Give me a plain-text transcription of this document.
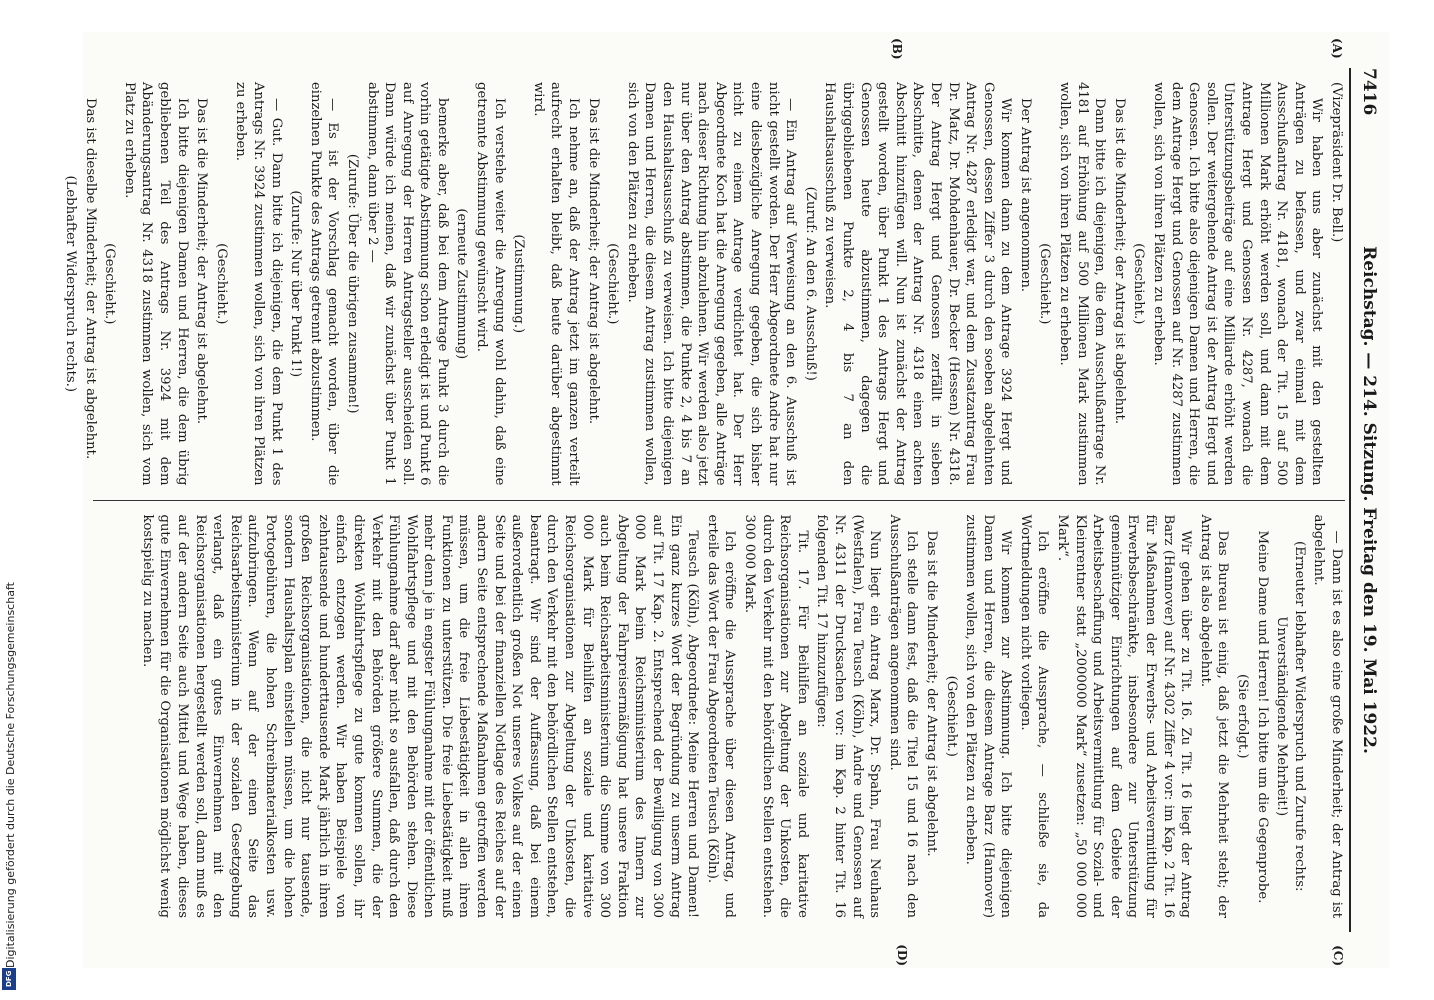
7416
Reichstag. — 214. Sitzung. Freitag den 19. Mai 1922.
(A)
(B)

(Vizepräsident Dr. Bell.)

Wir haben uns aber zunächst mit den gestellten Anträgen zu befassen, und zwar einmal mit dem Ausschußantrag Nr. 4181, wonach der Tit. 15 auf 500 Millionen Mark erhöht werden soll, und dann mit dem Antrage Hergt und Genossen Nr. 4287, wonach die Unterstützungsbeiträge auf eine Milliarde erhöht werden sollen. Der weitergehende Antrag ist der Antrag Hergt und Genossen. Ich bitte also diejenigen Damen und Herren, die dem Antrage Hergt und Genossen auf Nr. 4287 zustimmen wollen, sich von ihren Plätzen zu erheben.

(Geschieht.)

Das ist die Minderheit; der Antrag ist abgelehnt.

Dann bitte ich diejenigen, die dem Ausschußantrage Nr. 4181 auf Erhöhung auf 500 Millionen Mark zustimmen wollen, sich von ihren Plätzen zu erheben.

(Geschieht.)

Der Antrag ist angenommen.

Wir kommen dann zu dem Antrage 3924 Hergt und Genossen, dessen Ziffer 3 durch den soeben abgelehnten Antrag Nr. 4287 erledigt war, und dem Zusatzantrag Frau Dr. Matz, Dr. Mohdenhauer, Dr. Becker (Hessen) Nr. 4318. Der Antrag Hergt und Genossen zerfällt in sieben Abschnitte, denen der Antrag Nr. 4318 einen achten Abschnitt hinzufügen will. Nun ist zunächst der Antrag gestellt worden, über Punkt 1 des Antrags Hergt und Genossen heute abzustimmen, dagegen die übriggebliebenen Punkte 2, 4 bis 7 an den Haushaltsausschuß zu verweisen.

(Zuruf: An den 6. Ausschuß!)

— Ein Antrag auf Verweisung an den 6. Ausschuß ist nicht gestellt worden. Der Herr Abgeordnete Andre hat nur eine diesbezügliche Anregung gegeben, die sich bisher nicht zu einem Antrage verdichtet hat. Der Herr Abgeordnete Koch hat die Anregung gegeben, alle Anträge nach dieser Richtung hin abzulehnen. Wir werden also jetzt nur über den Antrag abstimmen, die Punkte 2, 4 bis 7 an den Haushaltsausschuß zu verweisen. Ich bitte diejenigen Damen und Herren, die diesem Antrag zustimmen wollen, sich von den Plätzen zu erheben.

(Geschieht.)

Das ist die Minderheit; der Antrag ist abgelehnt.

Ich nehme an, daß der Antrag jetzt im ganzen verteilt aufrecht erhalten bleibt, daß heute darüber abgestimmt wird.

(Zustimmung.)

Ich verstehe weiter die Anregung wohl dahin, daß eine getrennte Abstimmung gewünscht wird.

(erneute Zustimmung)

bemerke aber, daß bei dem Antrage Punkt 3 durch die vorhin getätigte Abstimmung schon erledigt ist und Punkt 6 auf Anregung der Herren Antragsteller ausscheiden soll. Dann würde ich meinen, daß wir zunächst über Punkt 1 abstimmen, dann über 2 —

(Zurufe: Über die übrigen zusammen!)

— Es ist der Vorschlag gemacht worden, über die einzelnen Punkte des Antrags getrennt abzustimmen.

(Zurufe: Nur über Punkt 1!)

— Gut. Dann bitte ich diejenigen, die dem Punkt 1 des Antrags Nr. 3924 zustimmen wollen, sich von ihren Plätzen zu erheben.

(Geschieht.)

Das ist die Minderheit; der Antrag ist abgelehnt.

Ich bitte diejenigen Damen und Herren, die dem übrig gebliebenen Teil des Antrags Nr. 3924 mit dem Abänderungsantrag Nr. 4318 zustimmen wollen, sich vom Platz zu erheben.

(Geschieht.)

Das ist dieselbe Minderheit; der Antrag ist abgelehnt.

(Lebhafter Widerspruch rechts.)

— Dann ist es also eine große Minderheit; der Antrag ist abgelehnt.

(Erneuter lebhafter Widerspruch und Zurufe rechts: Unverständigende Mehrheit!)

Meine Dame und Herren! Ich bitte um die Gegenprobe.

(Sie erfolgt.)

Das Bureau ist einig, daß jetzt die Mehrheit steht; der Antrag ist also abgelehnt.

Wir gehen über zu Tit. 16. Zu Tit. 16 liegt der Antrag Barz (Hannover) auf Nr. 4302 Ziffer 4 vor: im Kap. 2 Tit. 16 für Maßnahmen der Erwerbs- und Arbeitsvermittlung für Erwerbsbeschränkte, insbesondere zur Unterstützung gemeinnütziger Einrichtungen auf dem Gebiete der Arbeitsbeschaffung und Arbeitsvermittlung für Sozial- und Kleinrentner statt „2000000 Mark“ zusetzen: „50 000 000 Mark“.

Ich eröffne die Aussprache, — schließe sie, da Wortmeldungen nicht vorliegen.

Wir kommen zur Abstimmung. Ich bitte diejenigen Damen und Herren, die diesem Antrage Barz (Hannover) zustimmen wollen, sich von den Plätzen zu erheben.

(Geschieht.)

Das ist die Minderheit; der Antrag ist abgelehnt.

Ich stelle dann fest, daß die Titel 15 und 16 nach den Ausschußanträgen angenommen sind.

Nun liegt ein Antrag Marx, Dr. Spahn, Frau Neuhaus (Westfalen), Frau Teusch (Köln), Andre und Genossen auf Nr. 4311 der Drucksachen vor: im Kap. 2 hinter Tit. 16 folgenden Tit. 17 hinzuzufügen:

Tit. 17. Für Beihilfen an soziale und karitative Reichsorganisationen zur Abgeltung der Unkosten, die durch den Verkehr mit den behördlichen Stellen entstehen. 300 000 Mark.

Ich eröffne die Aussprache über diesen Antrag, und erteile das Wort der Frau Abgeordneten Teusch (Köln).

Teusch (Köln), Abgeordnete: Meine Herren und Damen! Ein ganz kurzes Wort der Begründung zu unserm Antrag auf Tit. 17 Kap. 2. Entsprechend der Bewilligung von 300 000 Mark beim Reichsministerium des Innern zur Abgeltung der Fahrpreisermäßigung hat unsere Fraktion auch beim Reichsarbeitsministerium die Summe von 300 000 Mark für Beihilfen an soziale und karitative Reichsorganisationen zur Abgeltung der Unkosten, die durch den Verkehr mit den behördlichen Stellen entstehen, beantragt. Wir sind der Auffassung, daß bei einem außerordentlich großen Not unseres Volkes auf der einen Seite und bei der finanziellen Notlage des Reiches auf der andern Seite entsprechende Maßnahmen getroffen werden müssen, um die freie Liebestätigkeit in allen ihren Funktionen zu unterstützen. Die freie Liebestätigkeit muß mehr denn je in engster Fühlungnahme mit der öffentlichen Wohlfahrtspflege und mit den Behörden stehen. Diese Fühlungnahme darf aber nicht so ausfallen, daß durch den Verkehr mit den Behörden größere Summen, die der direkten Wohlfahrtspflege zu gute kommen sollen, ihr einfach entzogen werden. Wir haben Beispiele von zehntausende und hunderttausende Mark jährlich in ihren großen Reichsorganisationen, die nicht nur tausende, sondern Haushaltsplan einstellen müssen, um die hohen Portogebühren, die hohen Schreibmaterialkosten usw. aufzubringen. Wenn auf der einen Seite das Reichsarbeitsministerium in der sozialen Gesetzgebung verlangt, daß ein gutes Einvernehmen mit den Reichsorganisationen hergestellt werden soll, dann muß es auf der andern Seite auch Mittel und Wege haben, dieses gute Einvernehmen für die Organisationen möglichst wenig kostspielig zu machen.

(C)
(D)
DFG
Digitalisierung gefördert durch die Deutsche Forschungsgemeinschaft
